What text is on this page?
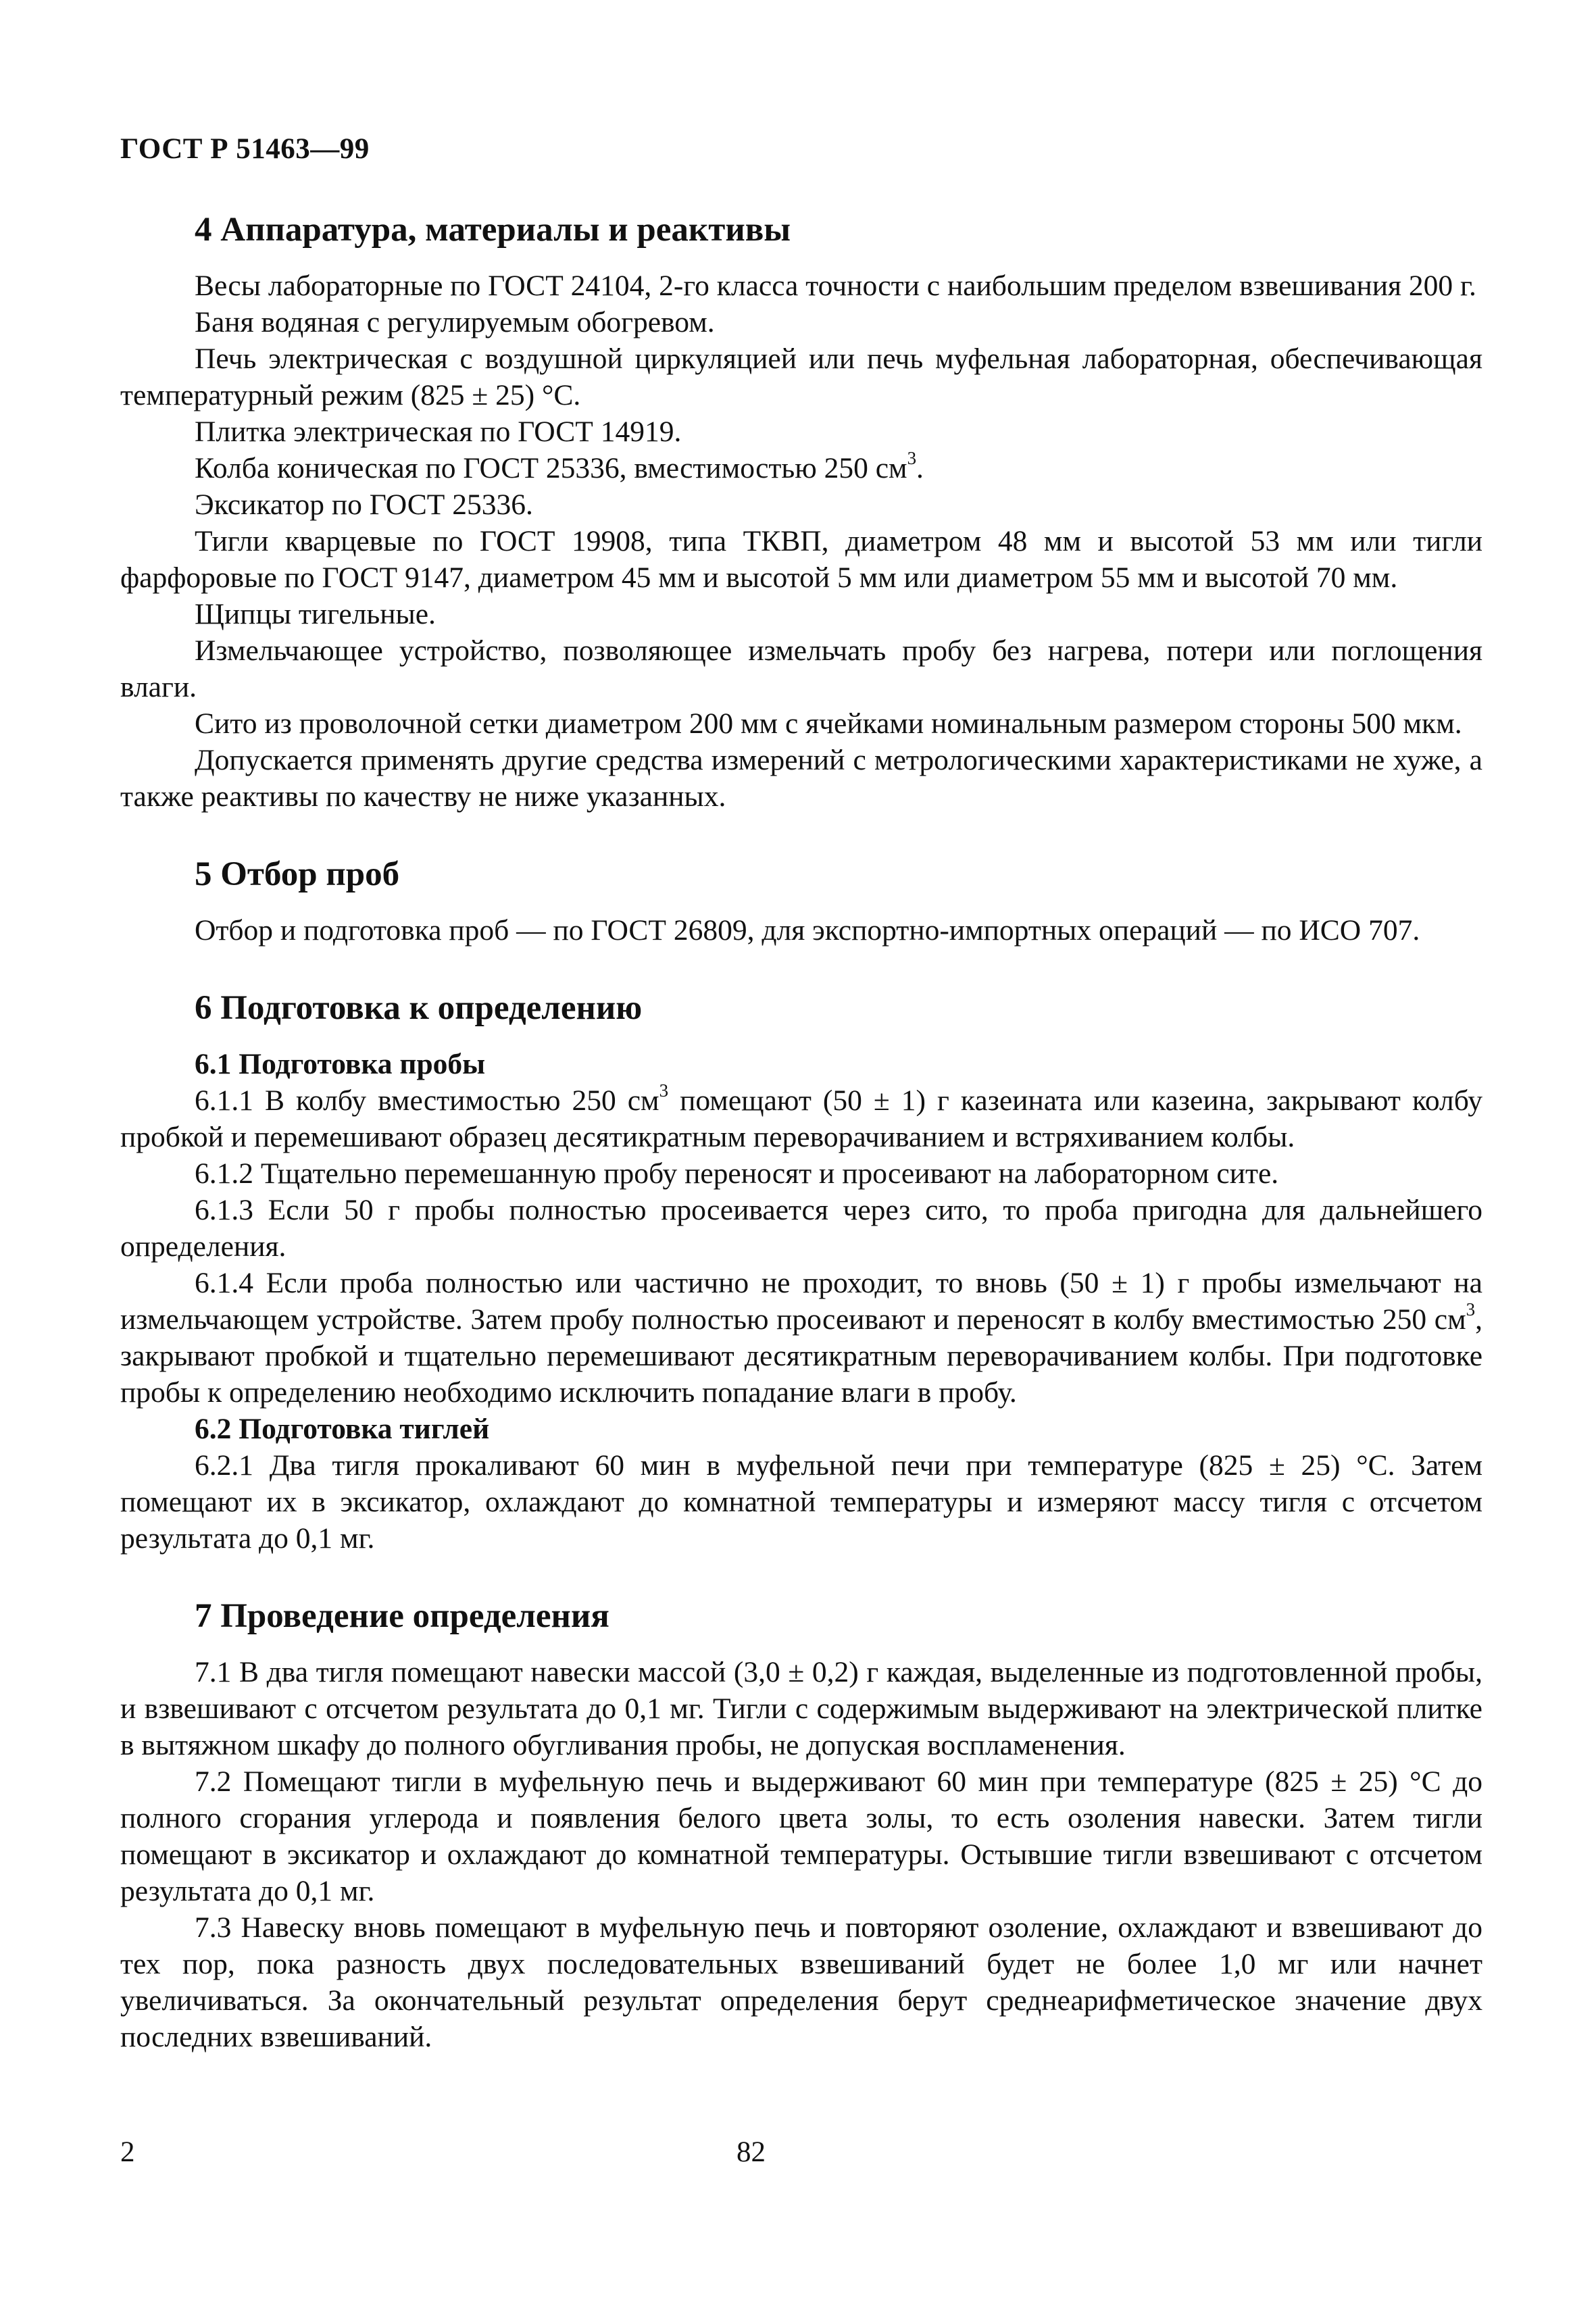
ГОСТ Р 51463—99
4 Аппаратура, материалы и реактивы

Весы лабораторные по ГОСТ 24104, 2-го класса точности с наибольшим пределом взвешивания 200 г.

Баня водяная с регулируемым обогревом.

Печь электрическая с воздушной циркуляцией или печь муфельная лабораторная, обеспечивающая температурный режим (825 ± 25) °С.

Плитка электрическая по ГОСТ 14919.

Колба коническая по ГОСТ 25336, вместимостью 250 $см^3$.

Эксикатор по ГОСТ 25336.

Тигли кварцевые по ГОСТ 19908, типа ТКВП, диаметром 48 мм и высотой 53 мм или тигли фарфоровые по ГОСТ 9147, диаметром 45 мм и высотой 5 мм или диаметром 55 мм и высотой 70 мм.

Щипцы тигельные.

Измельчающее устройство, позволяющее измельчать пробу без нагрева, потери или поглощения влаги.

Сито из проволочной сетки диаметром 200 мм с ячейками номинальным размером стороны 500 мкм.

Допускается применять другие средства измерений с метрологическими характеристиками не хуже, а также реактивы по качеству не ниже указанных.

5 Отбор проб

Отбор и подготовка проб — по ГОСТ 26809, для экспортно-импортных операций — по ИСО 707.

6 Подготовка к определению
6.1 Подготовка пробы

6.1.1 В колбу вместимостью 250 $см^3$ помещают (50 ± 1) г казеината или казеина, закрывают колбу пробкой и перемешивают образец десятикратным переворачиванием и встряхиванием колбы.

6.1.2 Тщательно перемешанную пробу переносят и просеивают на лабораторном сите.

6.1.3 Если 50 г пробы полностью просеивается через сито, то проба пригодна для дальнейшего определения.

6.1.4 Если проба полностью или частично не проходит, то вновь (50 ± 1) г пробы измельчают на измельчающем устройстве. Затем пробу полностью просеивают и переносят в колбу вместимостью 250 $см^3$, закрывают пробкой и тщательно перемешивают десятикратным переворачиванием колбы. При подготовке пробы к определению необходимо исключить попадание влаги в пробу.

6.2 Подготовка тиглей

6.2.1 Два тигля прокаливают 60 мин в муфельной печи при температуре (825 ± 25) °С. Затем помещают их в эксикатор, охлаждают до комнатной температуры и измеряют массу тигля с отсчетом результата до 0,1 мг.

7 Проведение определения

7.1 В два тигля помещают навески массой (3,0 ± 0,2) г каждая, выделенные из подготовленной пробы, и взвешивают с отсчетом результата до 0,1 мг. Тигли с содержимым выдерживают на электрической плитке в вытяжном шкафу до полного обугливания пробы, не допуская воспламенения.

7.2 Помещают тигли в муфельную печь и выдерживают 60 мин при температуре (825 ± 25) °С до полного сгорания углерода и появления белого цвета золы, то есть озоления навески. Затем тигли помещают в эксикатор и охлаждают до комнатной температуры. Остывшие тигли взвешивают с отсчетом результата до 0,1 мг.

7.3 Навеску вновь помещают в муфельную печь и повторяют озоление, охлаждают и взвешивают до тех пор, пока разность двух последовательных взвешиваний будет не более 1,0 мг или начнет увеличиваться. За окончательный результат определения берут среднеарифметическое значение двух последних взвешиваний.

2	82
